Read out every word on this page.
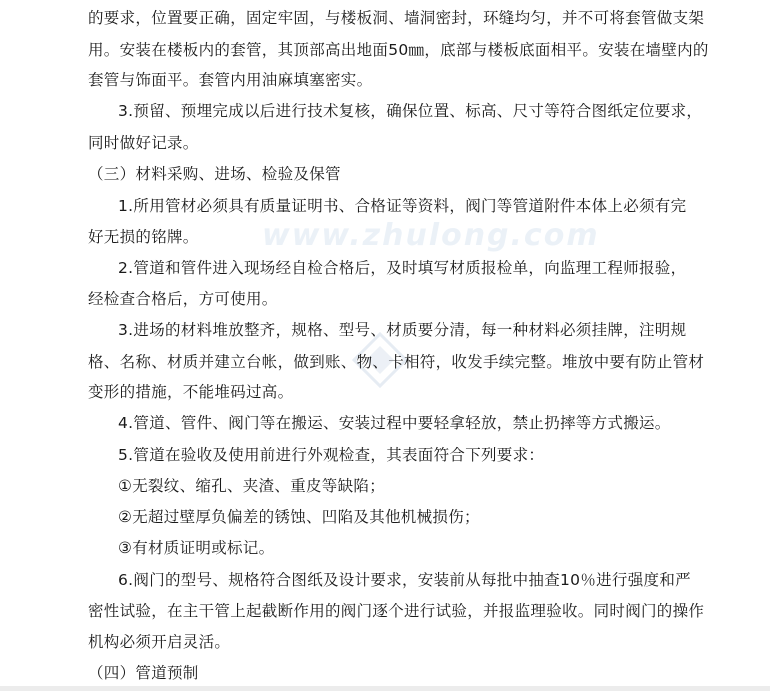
www.zhulong.com
的要求，位置要正确，固定牢固，与楼板洞、墙洞密封，环缝均匀，并不可将套管做支架
用。安装在楼板内的套管，其顶部高出地面50㎜，底部与楼板底面相平。安装在墙壁内的
套管与饰面平。套管内用油麻填塞密实。
3.预留、预埋完成以后进行技术复核，确保位置、标高、尺寸等符合图纸定位要求，
同时做好记录。
（三）材料采购、进场、检验及保管
1.所用管材必须具有质量证明书、合格证等资料，阀门等管道附件本体上必须有完
好无损的铭牌。
2.管道和管件进入现场经自检合格后，及时填写材质报检单，向监理工程师报验，
经检查合格后，方可使用。
3.进场的材料堆放整齐，规格、型号、材质要分清，每一种材料必须挂牌，注明规
格、名称、材质并建立台帐，做到账、物、卡相符，收发手续完整。堆放中要有防止管材
变形的措施，不能堆码过高。
4.管道、管件、阀门等在搬运、安装过程中要轻拿轻放，禁止扔摔等方式搬运。
5.管道在验收及使用前进行外观检查，其表面符合下列要求：
①无裂纹、缩孔、夹渣、重皮等缺陷；
②无超过壁厚负偏差的锈蚀、凹陷及其他机械损伤；
③有材质证明或标记。
6.阀门的型号、规格符合图纸及设计要求，安装前从每批中抽查10％进行强度和严
密性试验，在主干管上起截断作用的阀门逐个进行试验，并报监理验收。同时阀门的操作
机构必须开启灵活。
（四）管道预制
